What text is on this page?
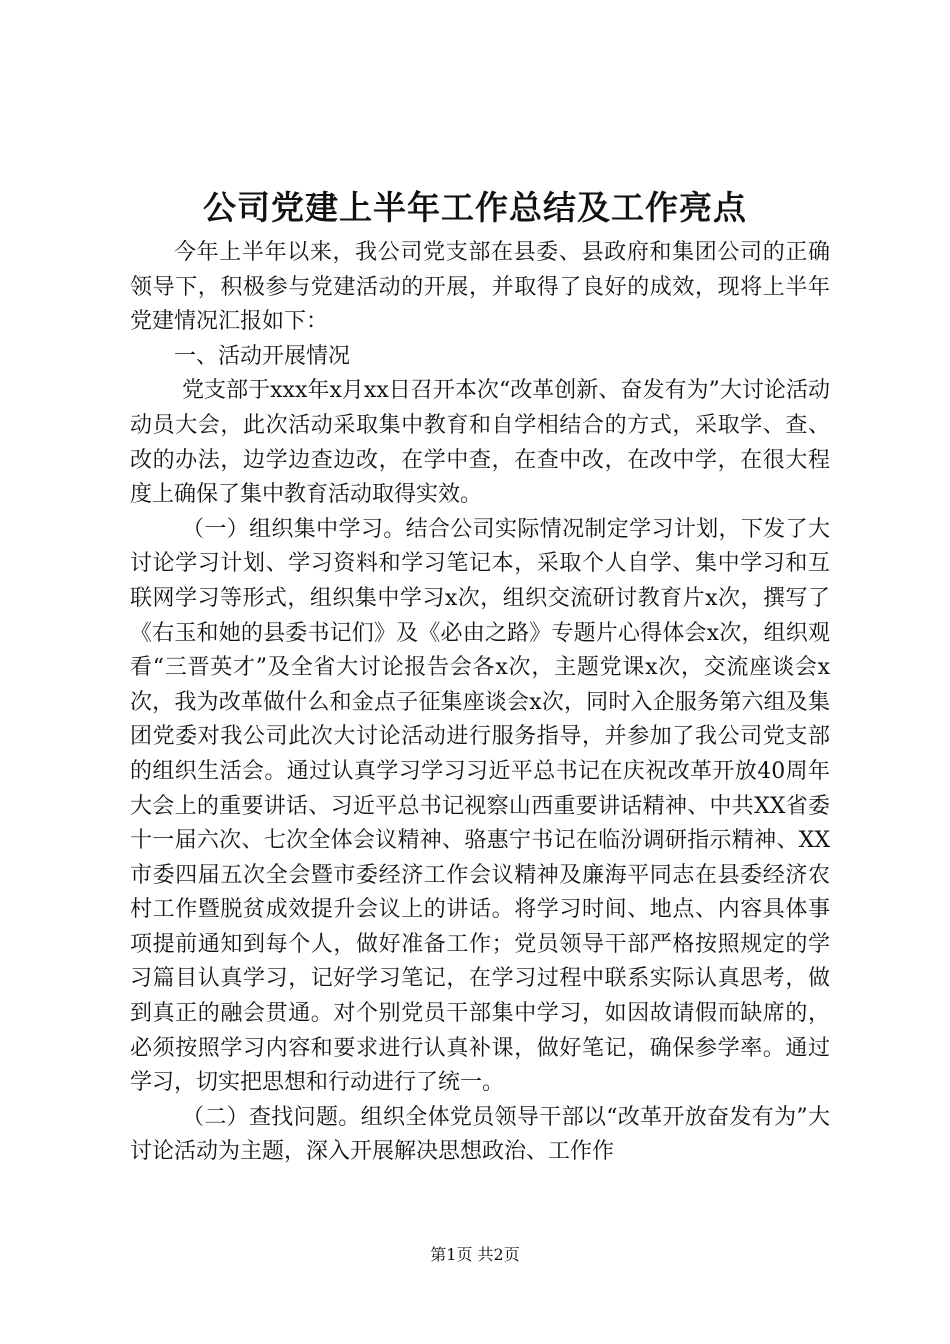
公司党建上半年工作总结及工作亮点

今年上半年以来，我公司党支部在县委、县政府和集团公司的正确领导下，积极参与党建活动的开展，并取得了良好的成效，现将上半年党建情况汇报如下：

一、活动开展情况

党支部于xxx年x月xx日召开本次“改革创新、奋发有为”大讨论活动动员大会，此次活动采取集中教育和自学相结合的方式，采取学、查、改的办法，边学边查边改，在学中查，在查中改，在改中学，在很大程度上确保了集中教育活动取得实效。

（一）组织集中学习。结合公司实际情况制定学习计划，下发了大讨论学习计划、学习资料和学习笔记本，采取个人自学、集中学习和互联网学习等形式，组织集中学习x次，组织交流研讨教育片x次，撰写了《右玉和她的县委书记们》及《必由之路》专题片心得体会x次，组织观看“三晋英才”及全省大讨论报告会各x次，主题党课x次，交流座谈会x次，我为改革做什么和金点子征集座谈会x次，同时入企服务第六组及集团党委对我公司此次大讨论活动进行服务指导，并参加了我公司党支部的组织生活会。通过认真学习学习习近平总书记在庆祝改革开放40周年大会上的重要讲话、习近平总书记视察山西重要讲话精神、中共XX省委十一届六次、七次全体会议精神、骆惠宁书记在临汾调研指示精神、XX市委四届五次全会暨市委经济工作会议精神及廉海平同志在县委经济农村工作暨脱贫成效提升会议上的讲话。将学习时间、地点、内容具体事项提前通知到每个人，做好准备工作；党员领导干部严格按照规定的学习篇目认真学习，记好学习笔记，在学习过程中联系实际认真思考，做到真正的融会贯通。对个别党员干部集中学习，如因故请假而缺席的，必须按照学习内容和要求进行认真补课，做好笔记，确保参学率。通过学习，切实把思想和行动进行了统一。

（二）查找问题。组织全体党员领导干部以“改革开放奋发有为”大讨论活动为主题，深入开展解决思想政治、工作作

第1页 共2页
